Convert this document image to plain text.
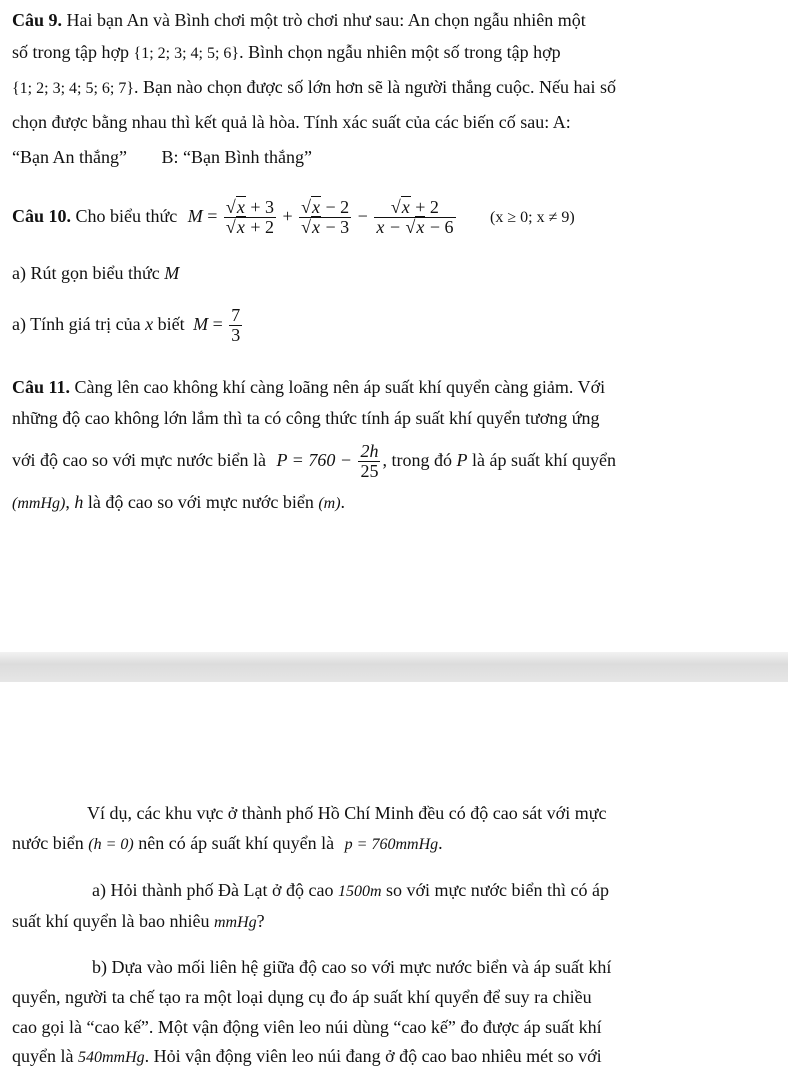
Câu 9. Hai bạn An và Bình chơi một trò chơi như sau: An chọn ngẫu nhiên một
số trong tập hợp {1; 2; 3; 4; 5; 6}. Bình chọn ngẫu nhiên một số trong tập hợp
{1; 2; 3; 4; 5; 6; 7}. Bạn nào chọn được số lớn hơn sẽ là người thắng cuộc. Nếu hai số
chọn được bằng nhau thì kết quả là hòa. Tính xác suất của các biến cố sau: A:
“Bạn An thắng” B: “Bạn Bình thắng”
Câu 10. Cho biểu thức $M = \frac{√x + 3}{√x + 2} + \frac{√x - 2}{√x - 3} - \frac{√x + 2}{x - √x - 6} (x \ge 0$; x ≠ 9)
a) Rút gọn biểu thức M
a) Tính giá trị của x biết $M = \frac{7}{3}$
Câu 11. Càng lên cao không khí càng loãng nên áp suất khí quyển càng giảm. Với
những độ cao không lớn lắm thì ta có công thức tính áp suất khí quyển tương ứng
với độ cao so với mực nước biển là $P = 760 - \frac{2h}{25}$ , trong đó P là áp suất khí quyển
(mmHg), h là độ cao so với mực nước biển (m).
Ví dụ, các khu vực ở thành phố Hồ Chí Minh đều có độ cao sát với mực
nước biển (h = 0) nên có áp suất khí quyển là p = 760mmHg.
a) Hỏi thành phố Đà Lạt ở độ cao 1500m so với mực nước biển thì có áp
suất khí quyển là bao nhiêu mmHg?
b) Dựa vào mối liên hệ giữa độ cao so với mực nước biển và áp suất khí
quyển, người ta chế tạo ra một loại dụng cụ đo áp suất khí quyển để suy ra chiều
cao gọi là “cao kế”. Một vận động viên leo núi dùng “cao kế” đo được áp suất khí
quyển là 540mmHg. Hỏi vận động viên leo núi đang ở độ cao bao nhiêu mét so với
